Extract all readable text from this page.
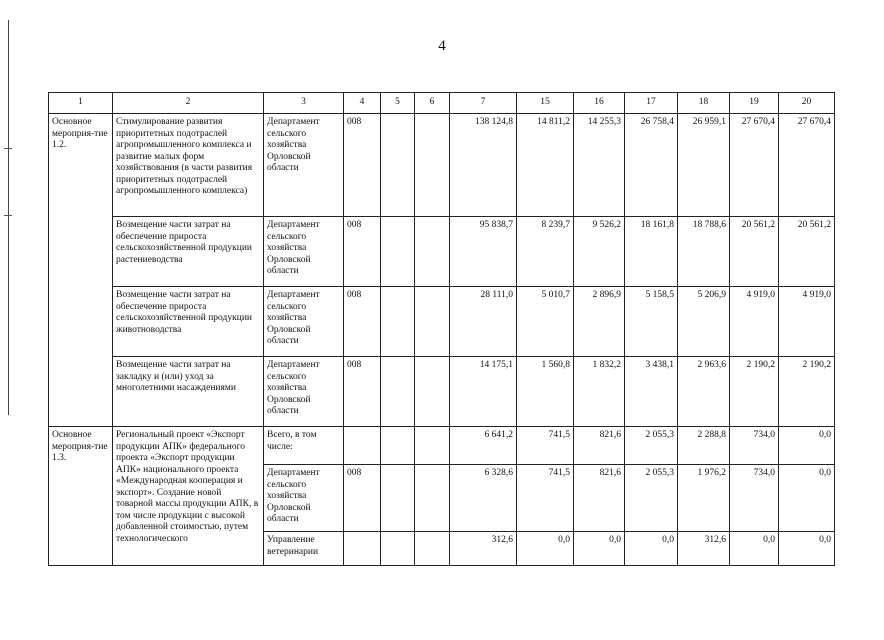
4
1	2	3	4	5	6	7	15	16	17	18	19	20
Основное мероприя-тие 1.2.	Стимулирование развития приоритетных подотраслей агропромышленного комплекса и развитие малых форм хозяйствования (в части развития приоритетных подотраслей агропромышленного комплекса)	Департамент сельского хозяйства Орловской области	008			138 124,8	14 811,2	14 255,3	26 758,4	26 959,1	27 670,4	27 670,4
	Возмещение части затрат на обеспечение прироста сельскохозяйственной продукции растениеводства	Департамент сельского хозяйства Орловской области	008			95 838,7	8 239,7	9 526,2	18 161,8	18 788,6	20 561,2	20 561,2
	Возмещение части затрат на обеспечение прироста сельскохозяйственной продукции животноводства	Департамент сельского хозяйства Орловской области	008			28 111,0	5 010,7	2 896,9	5 158,5	5 206,9	4 919,0	4 919,0
	Возмещение части затрат на закладку и (или) уход за многолетними насаждениями	Департамент сельского хозяйства Орловской области	008			14 175,1	1 560,8	1 832,2	3 438,1	2 963,6	2 190,2	2 190,2
Основное мероприя-тие 1.3.	Региональный проект «Экспорт продукции АПК» федерального проекта «Экспорт продукции АПК» национального проекта «Международная кооперация и экспорт». Создание новой товарной массы продукции АПК, в том числе продукции с высокой добавленной стоимостью, путем технологического	Всего, в том числе:				6 641,2	741,5	821,6	2 055,3	2 288,8	734,0	0,0
		Департамент сельского хозяйства Орловской области	008			6 328,6	741,5	821,6	2 055,3	1 976,2	734,0	0,0
		Управление ветеринарии				312,6	0,0	0,0	0,0	312,6	0,0	0,0
